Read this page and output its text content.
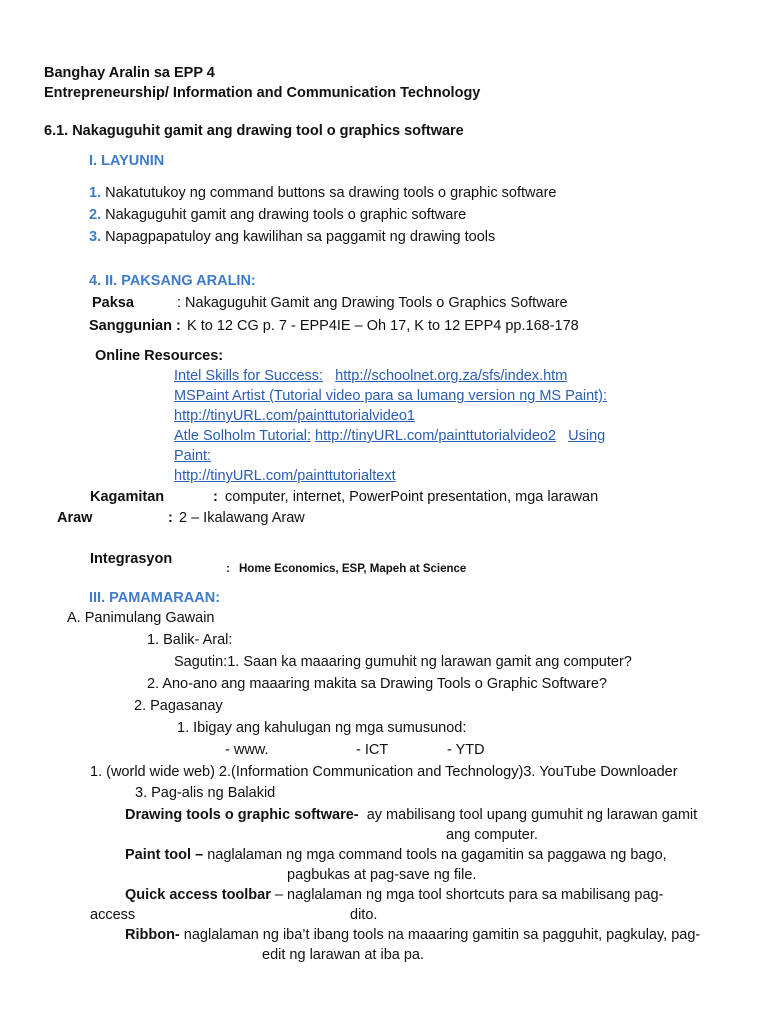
Banghay Aralin sa EPP 4
Entrepreneurship/ Information and Communication Technology
6.1. Nakaguguhit gamit ang drawing tool o graphics software
I. LAYUNIN
1. Nakatutukoy ng command buttons sa drawing tools o graphic software
2. Nakaguguhit gamit ang drawing tools o graphic software
3. Napagpapatuloy ang kawilihan sa paggamit ng drawing tools
4. II. PAKSANG ARALIN:
Paksa	: Nakaguguhit Gamit ang Drawing Tools o Graphics Software
Sanggunian : K to 12 CG p. 7 - EPP4IE – Oh 17, K to 12 EPP4 pp.168-178
Online Resources:
Intel Skills for Success: http://schoolnet.org.za/sfs/index.htm
MSPaint Artist (Tutorial video para sa lumang version ng MS Paint):
http://tinyURL.com/painttutorialvideo1
Atle Solholm Tutorial: http://tinyURL.com/painttutorialvideo2 Using
Paint:
http://tinyURL.com/painttutorialtext
Kagamitan	: computer, internet, PowerPoint presentation, mga larawan
Araw	: 2 – Ikalawang Araw
Integrasyon
: Home Economics, ESP, Mapeh at Science
III. PAMAMARAAN:
A. Panimulang Gawain
1. Balik- Aral:
Sagutin:1. Saan ka maaaring gumuhit ng larawan gamit ang computer?
2. Ano-ano ang maaaring makita sa Drawing Tools o Graphic Software?
2. Pagasanay
1. Ibigay ang kahulugan ng mga sumusunod:
- www.	- ICT	- YTD
1. (world wide web) 2.(Information Communication and Technology)3. YouTube Downloader
3. Pag-alis ng Balakid
Drawing tools o graphic software- ay mabilisang tool upang gumuhit ng larawan gamit
ang computer.
Paint tool – naglalaman ng mga command tools na gagamitin sa paggawa ng bago,
pagbukas at pag-save ng file.
Quick access toolbar – naglalaman ng mga tool shortcuts para sa mabilisang pag-
access	dito.
Ribbon- naglalaman ng iba’t ibang tools na maaaring gamitin sa pagguhit, pagkulay, pag-
edit ng larawan at iba pa.
